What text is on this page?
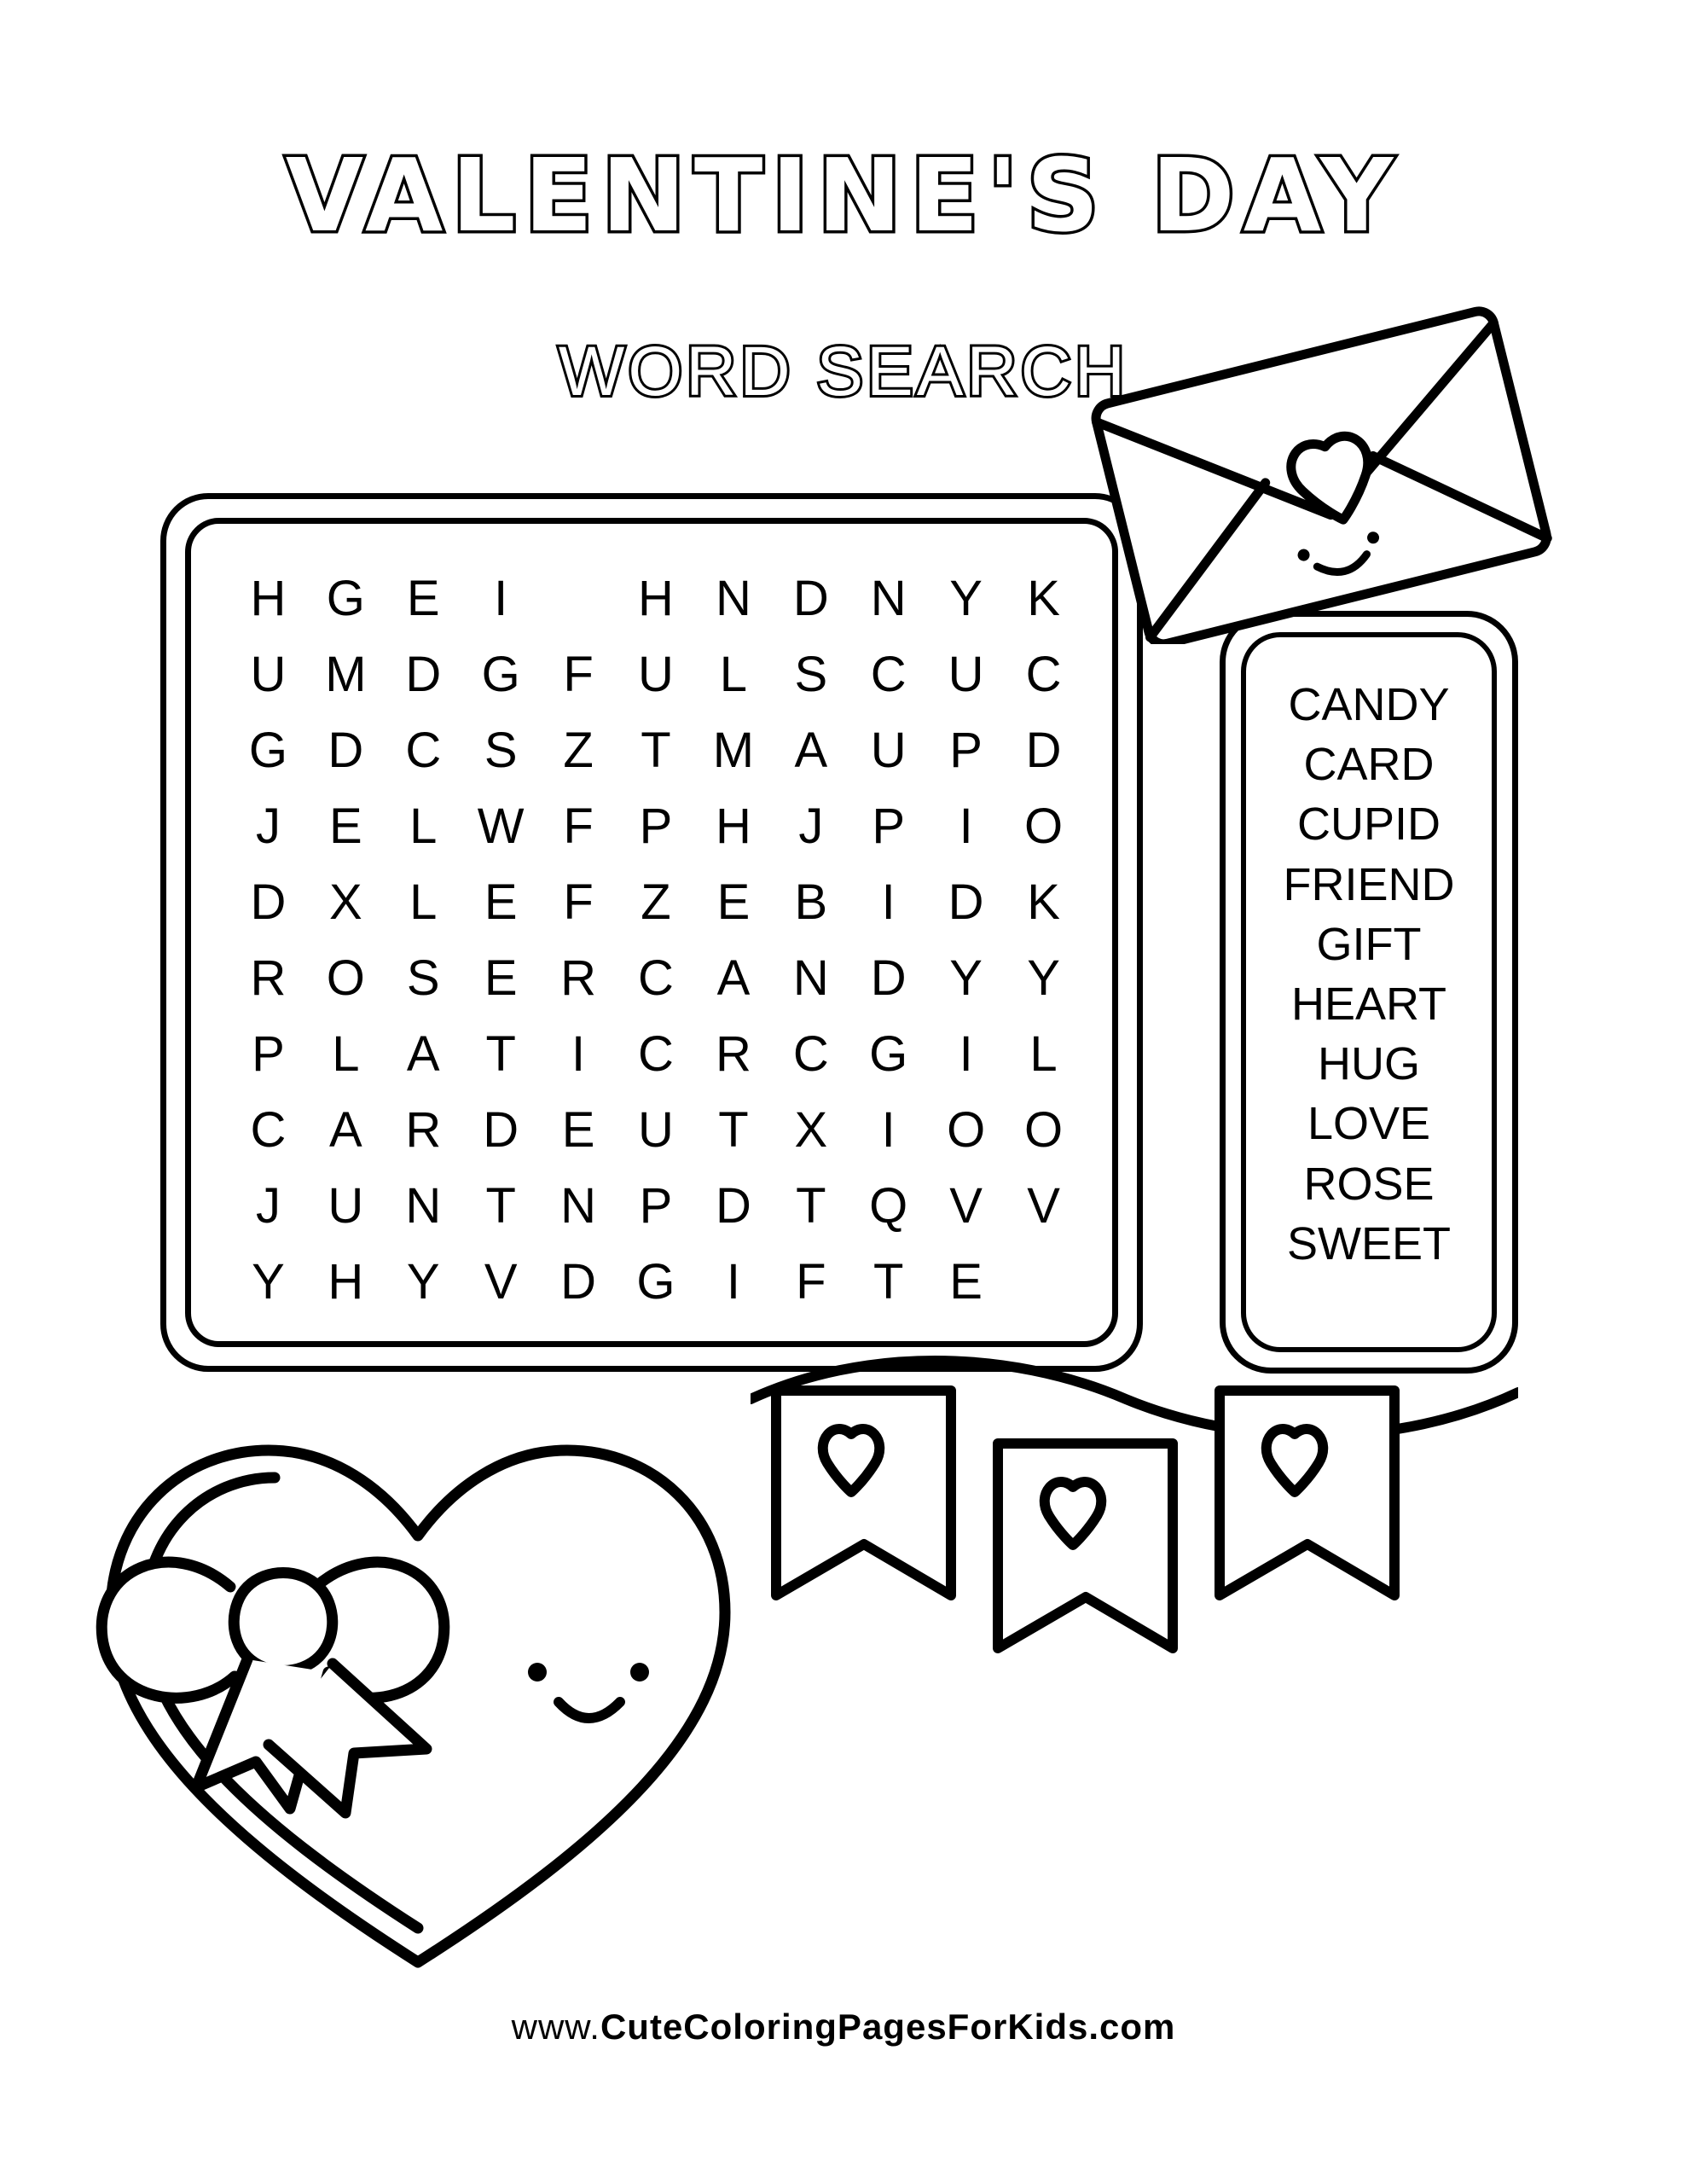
VALENTINE'S DAY
WORD SEARCH
H G E I	H N D N Y K
U M D G F U L S C U C
G D C S Z T M A U P D
J E L W F P H J P I O
D X L E F Z E B I D K
R O S E R C A N D Y Y
P L A T I C R C G I L
C A R D E U T X I O O
J U N T N P D T Q V V
Y H Y V D G I F T E
CANDY
CARD
CUPID
FRIEND
GIFT
HEART
HUG
LOVE
ROSE
SWEET
www.CuteColoringPagesForKids.com
